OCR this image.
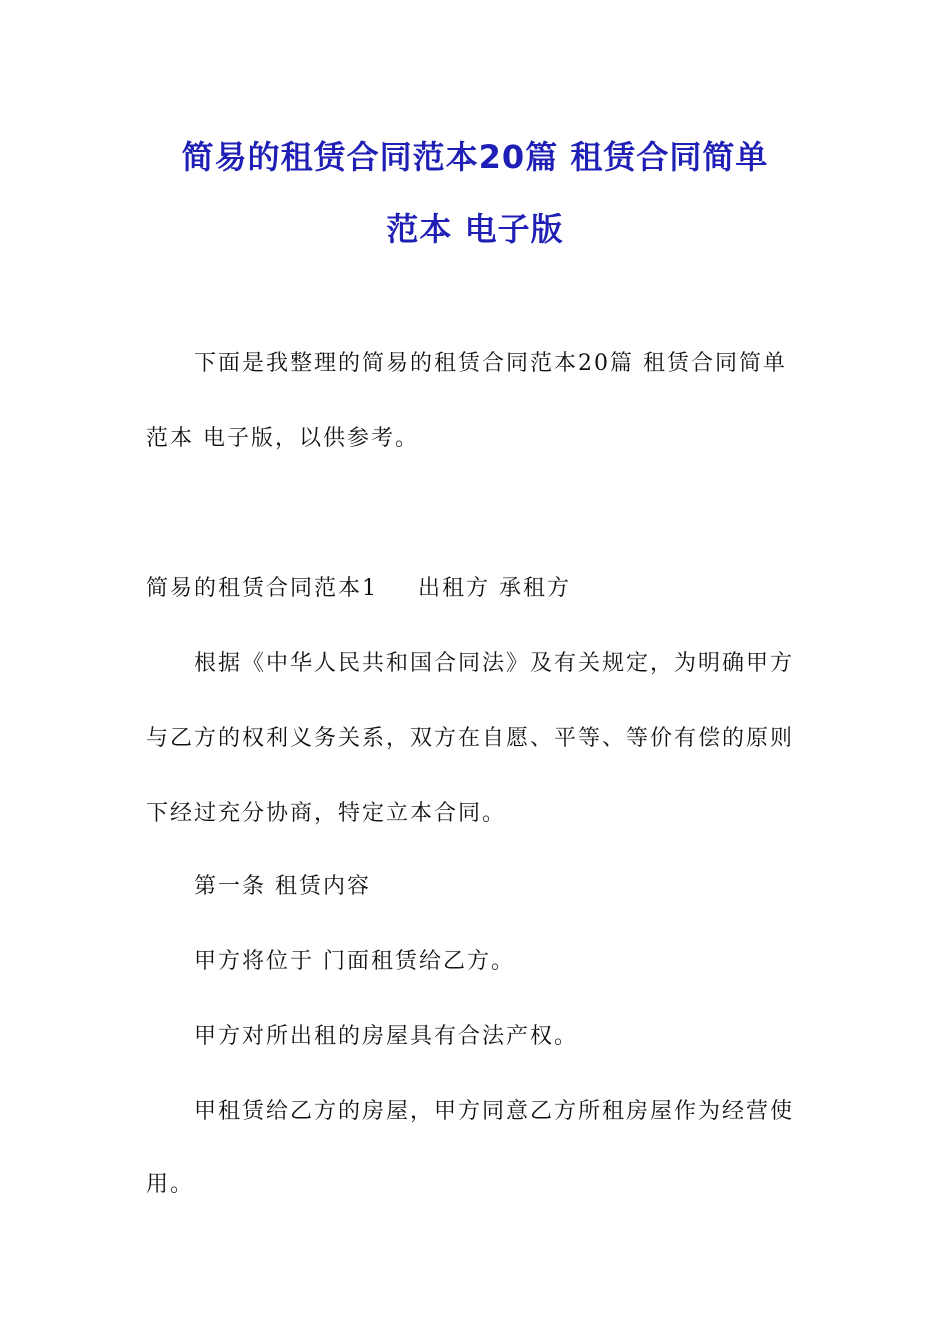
简易的租赁合同范本20篇 租赁合同简单
范本 电子版
下面是我整理的简易的租赁合同范本20篇 租赁合同简单
范本 电子版，以供参考。
简易的租赁合同范本1 出租方 承租方
根据《中华人民共和国合同法》及有关规定，为明确甲方
与乙方的权利义务关系，双方在自愿、平等、等价有偿的原则
下经过充分协商，特定立本合同。
第一条 租赁内容
甲方将位于 门面租赁给乙方。
甲方对所出租的房屋具有合法产权。
甲租赁给乙方的房屋，甲方同意乙方所租房屋作为经营使
用。
